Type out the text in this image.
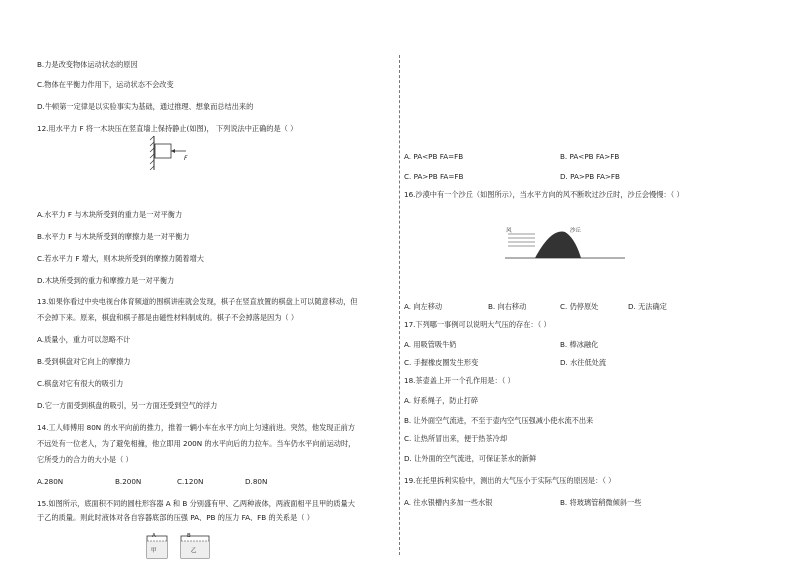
B.力是改变物体运动状态的原因
C.物体在平衡力作用下，运动状态不会改变
D.牛顿第一定律是以实验事实为基础，通过推理、想象而总结出来的
12.用水平力 F 将一木块压在竖直墙上保持静止(如图)， 下列说法中正确的是（ ）
F
A.水平力 F 与木块所受到的重力是一对平衡力
B.水平力 F 与木块所受到的摩擦力是一对平衡力
C.若水平力 F 增大，则木块所受到的摩擦力随着增大
D.木块所受到的重力和摩擦力是一对平衡力
13.如果你看过中央电视台体育频道的围棋讲座就会发现，棋子在竖直放置的棋盘上可以随意移动，但
不会掉下来。原来，棋盘和棋子都是由磁性材料制成的。棋子不会掉落是因为（ ）
A.质量小，重力可以忽略不计
B.受到棋盘对它向上的摩擦力
C.棋盘对它有很大的吸引力
D.它一方面受到棋盘的吸引，另一方面还受到空气的浮力
14.工人师傅用 80N 的水平向前的推力，推着一辆小车在水平方向上匀速前进。突然，他发现正前方
不远处有一位老人，为了避免相撞，他立即用 200N 的水平向后的力拉车。当车仍水平向前运动时，
它所受力的合力的大小是（ ）
A.280N	B.200N	C.120N	D.80N
15.如图所示，底面积不同的圆柱形容器 A 和 B 分别盛有甲、乙两种液体，两液面相平且甲的质量大
于乙的质量。则此时液体对各自容器底部的压强 PA、PB 的压力 FA、FB 的关系是（ ）
A	B
甲	乙
A. PA<PB FA=FB	B. PA<PB FA>FB
C. PA>PB FA=FB	D. PA>PB FA>FB
16.沙漠中有一个沙丘（如图所示），当水平方向的风不断吹过沙丘时，沙丘会慢慢：（ ）
风	沙丘
A. 向左移动	B. 向右移动	C. 仍停原处	D. 无法确定
17.下列哪一事例可以说明大气压的存在：（ ）
A. 用吸管吸牛奶	B. 棒冰融化
C. 手握橡皮圈发生形变	D. 水往低处流
18.茶壶盖上开一个孔作用是：（ ）
A. 好系绳子，防止打碎
B. 让外面空气流进，不至于壶内空气压强减小使水流不出来
C. 让热所冒出来，便于热茶冷却
D. 让外面的空气流进，可保证茶水的新鲜
19.在托里拆利实验中，测出的大气压小于实际气压的原因是：（ ）
A. 往水银槽内多加一些水银	B. 将玻璃管稍微倾斜一些
